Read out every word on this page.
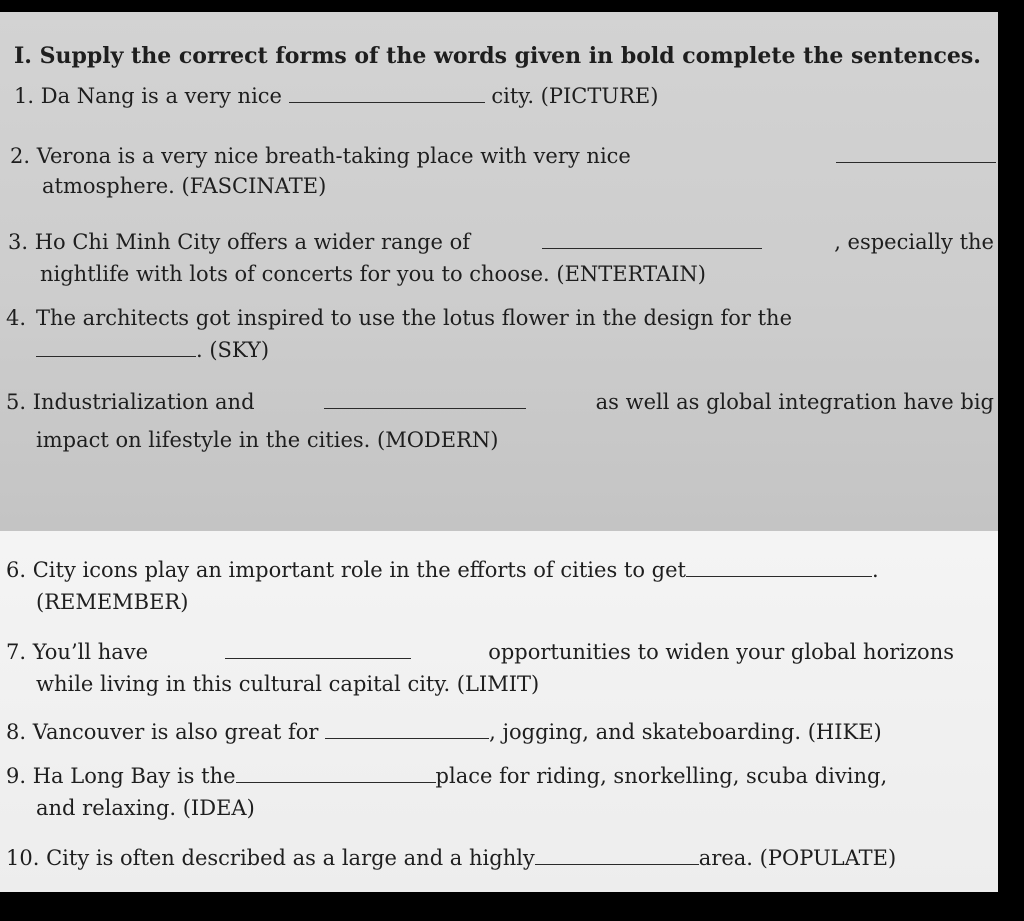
I. Supply the correct forms of the words given in bold complete the sentences.
1. Da Nang is a very nice	city. (PICTURE)
2. Verona is a very nice breath-taking place with very nice
atmosphere. (FASCINATE)
3. Ho Chi Minh City offers a wider range of	, especially the
nightlife with lots of concerts for you to choose. (ENTERTAIN)
4. The architects got inspired to use the lotus flower in the design for the
. (SKY)
5. Industrialization and	as well as global integration have big
impact on lifestyle in the cities. (MODERN)
6. City icons play an important role in the efforts of cities to get	.
(REMEMBER)
7. You’ll have	opportunities to widen your global horizons
while living in this cultural capital city. (LIMIT)
8. Vancouver is also great for	, jogging, and skateboarding. (HIKE)
9. Ha Long Bay is the	place for riding, snorkelling, scuba diving,
and relaxing. (IDEA)
10. City is often described as a large and a highly	area. (POPULATE)
